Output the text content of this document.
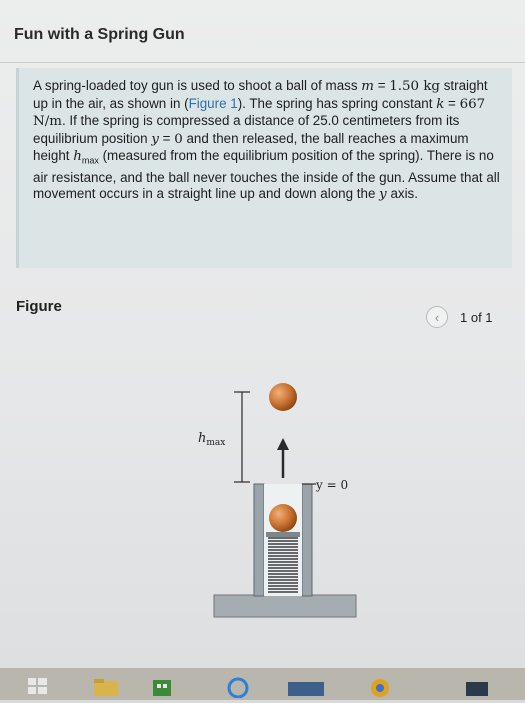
Fun with a Spring Gun
A spring-loaded toy gun is used to shoot a ball of mass m = 1.50 kg straight up in the air, as shown in (Figure 1). The spring has spring constant k = 667 N/m. If the spring is compressed a distance of 25.0 centimeters from its equilibrium position y = 0 and then released, the ball reaches a maximum height $h_{max}$ (measured from the equilibrium position of the spring). There is no air resistance, and the ball never touches the inside of the gun. Assume that all movement occurs in a straight line up and down along the y axis.
Figure
‹ 1 of 1
$h_{max}$
y = 0
